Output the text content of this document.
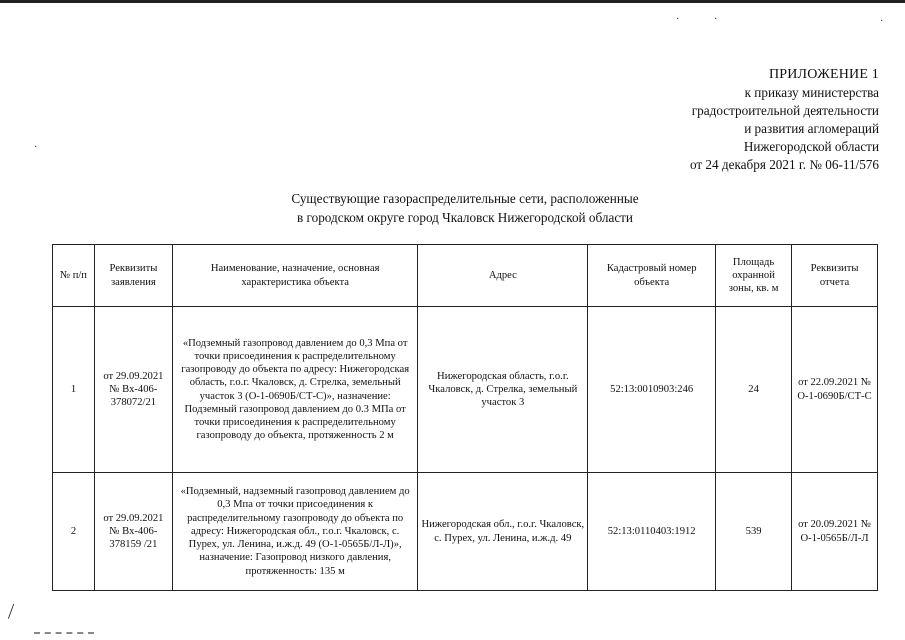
·	·	·
·
ПРИЛОЖЕНИЕ 1
к приказу министерства
градостроительной деятельности
и развития агломераций
Нижегородской области
от 24 декабря 2021 г. № 06-11/576
Существующие газораспределительные сети, расположенные
в городском округе город Чкаловск Нижегородской области
№ п/п	Реквизиты заявления	Наименование, назначение, основная характеристика объекта	Адрес	Кадастровый номер объекта	Площадь охранной зоны, кв. м	Реквизиты отчета
1	от 29.09.2021 № Вх-406-378072/21	«Подземный газопровод давлением до 0,3 Мпа от точки присоединения к распределительному газопроводу до объекта по адресу: Нижегородская область, г.о.г. Чкаловск, д. Стрелка, земельный участок 3 (О-1-0690Б/СТ-С)», назначение: Подземный газопровод давлением до 0.3 МПа от точки присоединения к распределительному газопроводу до объекта, протяженность 2 м	Нижегородская область, г.о.г. Чкаловск, д. Стрелка, земельный участок 3	52:13:0010903:246	24	от 22.09.2021 № О-1-0690Б/СТ-С
2	от 29.09.2021 № Вх-406-378159 /21	«Подземный, надземный газопровод давлением до 0,3 Мпа от точки присоединения к распределительному газопроводу до объекта по адресу: Нижегородская обл., г.о.г. Чкаловск, с. Пурех, ул. Ленина, и.ж.д. 49 (О-1-0565Б/Л-Л)», назначение: Газопровод низкого давления, протяженность: 135 м	Нижегородская обл., г.о.г. Чкаловск, с. Пурех, ул. Ленина, и.ж.д. 49	52:13:0110403:1912	539	от 20.09.2021 № О-1-0565Б/Л-Л
⟋
